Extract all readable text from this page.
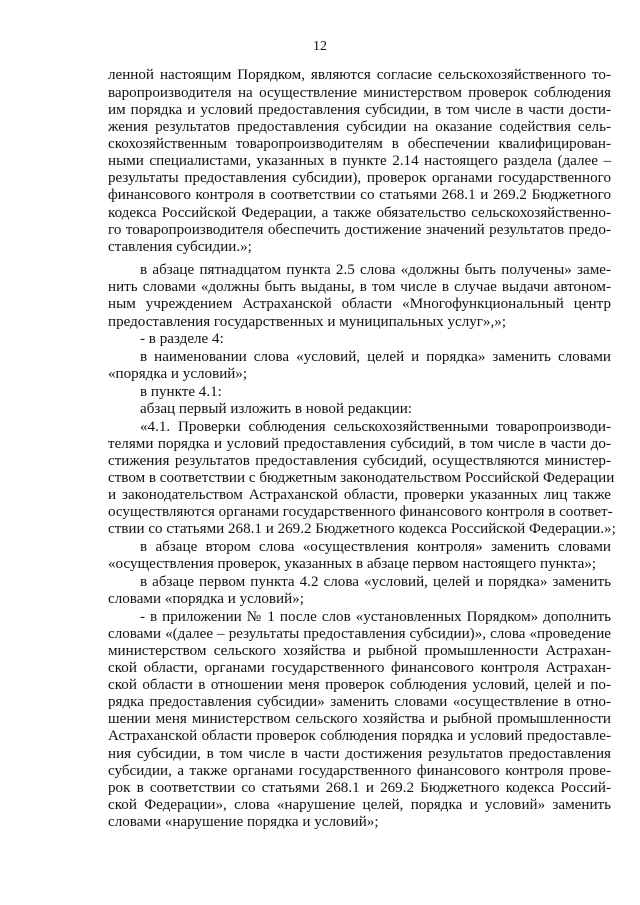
12
ленной настоящим Порядком, являются согласие сельскохозяйственного то-
варопроизводителя на осуществление министерством проверок соблюдения
им порядка и условий предоставления субсидии, в том числе в части дости-
жения результатов предоставления субсидии на оказание содействия сель-
скохозяйственным товаропроизводителям в обеспечении квалифицирован-
ными специалистами, указанных в пункте 2.14 настоящего раздела (далее –
результаты предоставления субсидии), проверок органами государственного
финансового контроля в соответствии со статьями 268.1 и 269.2 Бюджетного
кодекса Российской Федерации, а также обязательство сельскохозяйственно-
го товаропроизводителя обеспечить достижение значений результатов предо-
ставления субсидии.»;
в абзаце пятнадцатом пункта 2.5 слова «должны быть получены» заме-
нить словами «должны быть выданы, в том числе в случае выдачи автоном-
ным учреждением Астраханской области «Многофункциональный центр
предоставления государственных и муниципальных услуг»,»;
- в разделе 4:
в наименовании слова «условий, целей и порядка» заменить словами
«порядка и условий»;
в пункте 4.1:
абзац первый изложить в новой редакции:
«4.1. Проверки соблюдения сельскохозяйственными товаропроизводи-
телями порядка и условий предоставления субсидий, в том числе в части до-
стижения результатов предоставления субсидий, осуществляются министер-
ством в соответствии с бюджетным законодательством Российской Федерации
и законодательством Астраханской области, проверки указанных лиц также
осуществляются органами государственного финансового контроля в соответ-
ствии со статьями 268.1 и 269.2 Бюджетного кодекса Российской Федерации.»;
в абзаце втором слова «осуществления контроля» заменить словами
«осуществления проверок, указанных в абзаце первом настоящего пункта»;
в абзаце первом пункта 4.2 слова «условий, целей и порядка» заменить
словами «порядка и условий»;
- в приложении № 1 после слов «установленных Порядком» дополнить
словами «(далее – результаты предоставления субсидии)», слова «проведение
министерством сельского хозяйства и рыбной промышленности Астрахан-
ской области, органами государственного финансового контроля Астрахан-
ской области в отношении меня проверок соблюдения условий, целей и по-
рядка предоставления субсидии» заменить словами «осуществление в отно-
шении меня министерством сельского хозяйства и рыбной промышленности
Астраханской области проверок соблюдения порядка и условий предоставле-
ния субсидии, в том числе в части достижения результатов предоставления
субсидии, а также органами государственного финансового контроля прове-
рок в соответствии со статьями 268.1 и 269.2 Бюджетного кодекса Россий-
ской Федерации», слова «нарушение целей, порядка и условий» заменить
словами «нарушение порядка и условий»;
